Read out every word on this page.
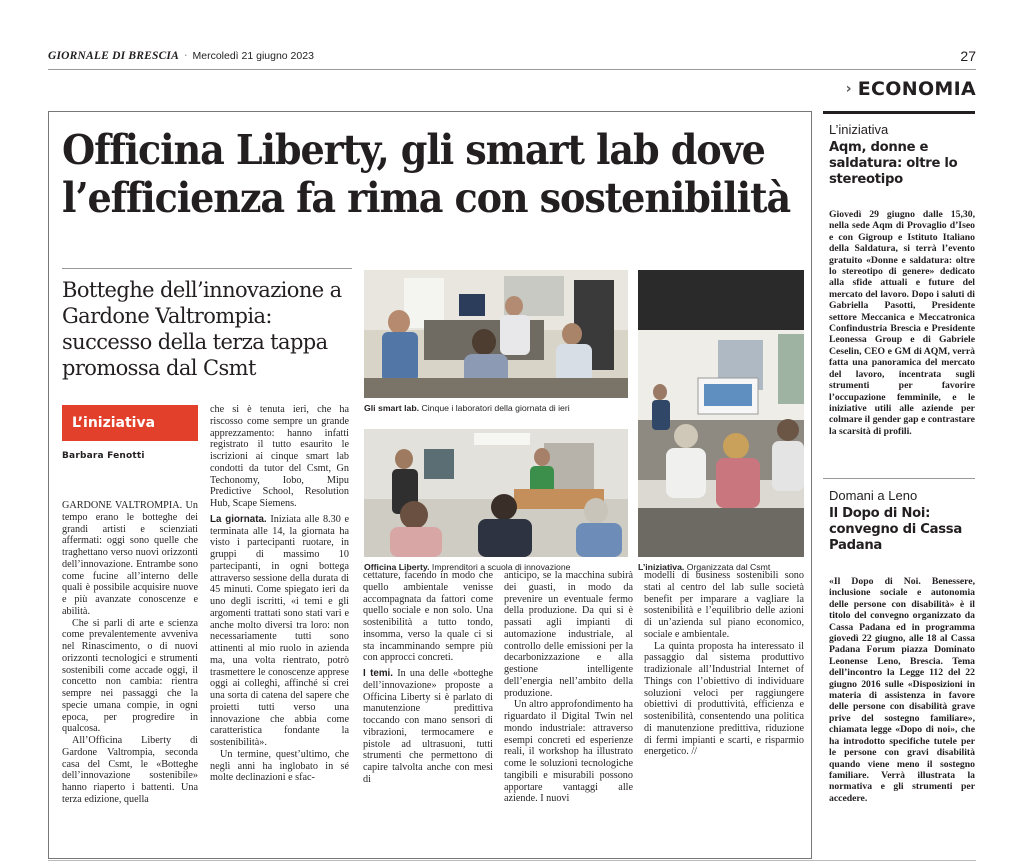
GIORNALE DI BRESCIA · Mercoledì 21 giugno 2023	27
› ECONOMIA
Officina Liberty, gli smart lab dove
l’efficienza fa rima con sostenibilità
Botteghe dell’innovazione a Gardone Valtrompia: successo della terza tappa promossa dal Csmt
L’iniziativa
Barbara Fenotti

GARDONE VALTROMPIA. Un tempo erano le botteghe dei grandi artisti e scienziati affermati: oggi sono quelle che traghettano verso nuovi orizzonti dell’innovazione. Entrambe sono come fucine all’interno delle quali è possibile acquisire nuove e più avanzate conoscenze e abilità.

Che si parli di arte e scienza come prevalentemente avveniva nel Rinascimento, o di nuovi orizzonti tecnologici e strumenti sostenibili come accade oggi, il concetto non cambia: rientra sempre nei passaggi che la specie umana compie, in ogni epoca, per progredire in qualcosa.

All’Officina Liberty di Gardone Valtrompia, seconda casa del Csmt, le «Botteghe dell’innovazione sostenibile» hanno riaperto i battenti. Una terza edizione, quella

che si è tenuta ieri, che ha riscosso come sempre un grande apprezzamento: hanno infatti registrato il tutto esaurito le iscrizioni ai cinque smart lab condotti da tutor del Csmt, Gn Techonomy, Iobo, Mipu Predictive School, Resolution Hub, Scape Siemens.

La giornata. Iniziata alle 8.30 e terminata alle 14, la giornata ha visto i partecipanti ruotare, in gruppi di massimo 10 partecipanti, in ogni bottega attraverso sessione della durata di 45 minuti. Come spiegato ieri da uno degli iscritti, «i temi e gli argomenti trattati sono stati vari e anche molto diversi tra loro: non necessariamente tutti sono attinenti al mio ruolo in azienda ma, una volta rientrato, potrò trasmettere le conoscenze apprese oggi ai colleghi, affinché si crei una sorta di catena del sapere che proietti tutti verso una innovazione che abbia come caratteristica fondante la sostenibilità».

Un termine, quest’ultimo, che negli anni ha inglobato in sé molte declinazioni e sfac-

cettature, facendo in modo che quello ambientale venisse accompagnata da fattori come quello sociale e non solo. Una sostenibilità a tutto tondo, insomma, verso la quale ci si sta incamminando sempre più con approcci concreti.

I temi. In una delle «botteghe dell’innovazione» proposte a Officina Liberty si è parlato di manutenzione predittiva toccando con mano sensori di vibrazioni, termocamere e pistole ad ultrasuoni, tutti strumenti che permettono di capire talvolta anche con mesi di

anticipo, se la macchina subirà dei guasti, in modo da prevenire un eventuale fermo della produzione. Da qui si è passati agli impianti di automazione industriale, al controllo delle emissioni per la decarbonizzazione e alla gestione intelligente dell’energia nell’ambito della produzione.

Un altro approfondimento ha riguardato il Digital Twin nel mondo industriale: attraverso esempi concreti ed esperienze reali, il workshop ha illustrato come le soluzioni tecnologiche tangibili e misurabili possono apportare vantaggi alle aziende. I nuovi

modelli di business sostenibili sono stati al centro del lab sulle società benefit per imparare a vagliare la sostenibilità e l’equilibrio delle azioni di un’azienda sul piano economico, sociale e ambientale.

La quinta proposta ha interessato il passaggio dal sistema produttivo tradizionale all’Industrial Internet of Things con l’obiettivo di individuare soluzioni veloci per raggiungere obiettivi di produttività, efficienza e sostenibilità, consentendo una politica di manutenzione predittiva, riduzione di fermi impianti e scarti, e risparmio energetico. //

Gli smart lab. Cinque i laboratori della giornata di ieri
Officina Liberty. Imprenditori a scuola di innovazione	L’iniziativa. Organizzata dal Csmt
L’iniziativa
Aqm, donne e saldatura: oltre lo stereotipo
Giovedì 29 giugno dalle 15,30, nella sede Aqm di Provaglio d’Iseo e con Gigroup e Istituto Italiano della Saldatura, si terrà l’evento gratuito «Donne e saldatura: oltre lo stereotipo di genere» dedicato alla sfide attuali e future del mercato del lavoro. Dopo i saluti di Gabriella Pasotti, Presidente settore Meccanica e Meccatronica Confindustria Brescia e Presidente Leonessa Group e di Gabriele Ceselin, CEO e GM di AQM, verrà fatta una panoramica del mercato del lavoro, incentrata sugli strumenti per favorire l’occupazione femminile, e le iniziative utili alle aziende per colmare il gender gap e contrastare la scarsità di profili.
Domani a Leno
Il Dopo di Noi: convegno di Cassa Padana
«Il Dopo di Noi. Benessere, inclusione sociale e autonomia delle persone con disabilità» è il titolo del convegno organizzato da Cassa Padana ed in programma giovedì 22 giugno, alle 18 al Cassa Padana Forum piazza Dominato Leonense Leno, Brescia. Tema dell’incontro la Legge 112 del 22 giugno 2016 sulle «Disposizioni in materia di assistenza in favore delle persone con disabilità grave prive del sostegno familiare», chiamata legge «Dopo di noi», che ha introdotto specifiche tutele per le persone con gravi disabilità quando viene meno il sostegno familiare. Verrà illustrata la normativa e gli strumenti per accedere.
